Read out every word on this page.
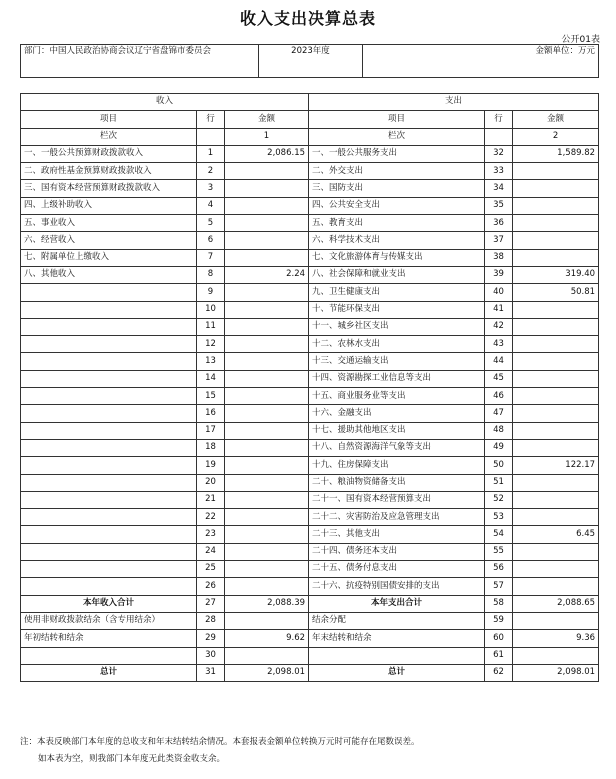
收入支出决算总表
公开01表
部门：中国人民政治协商会议辽宁省盘锦市委员会	2023年度	金额单位：万元
收入			支出		
项目	行	金额	项目	行	金额
栏次		1	栏次		2
一、一般公共预算财政拨款收入	1	2,086.15	一、一般公共服务支出	32	1,589.82
二、政府性基金预算财政拨款收入	2		二、外交支出	33	
三、国有资本经营预算财政拨款收入	3		三、国防支出	34	
四、上级补助收入	4		四、公共安全支出	35	
五、事业收入	5		五、教育支出	36	
六、经营收入	6		六、科学技术支出	37	
七、附属单位上缴收入	7		七、文化旅游体育与传媒支出	38	
八、其他收入	8	2.24	八、社会保障和就业支出	39	319.40
	9		九、卫生健康支出	40	50.81
	10		十、节能环保支出	41	
	11		十一、城乡社区支出	42	
	12		十二、农林水支出	43	
	13		十三、交通运输支出	44	
	14		十四、资源勘探工业信息等支出	45	
	15		十五、商业服务业等支出	46	
	16		十六、金融支出	47	
	17		十七、援助其他地区支出	48	
	18		十八、自然资源海洋气象等支出	49	
	19		十九、住房保障支出	50	122.17
	20		二十、粮油物资储备支出	51	
	21		二十一、国有资本经营预算支出	52	
	22		二十二、灾害防治及应急管理支出	53	
	23		二十三、其他支出	54	6.45
	24		二十四、债务还本支出	55	
	25		二十五、债务付息支出	56	
	26		二十六、抗疫特别国债安排的支出	57	
本年收入合计	27	2,088.39	本年支出合计	58	2,088.65
使用非财政拨款结余（含专用结余）	28		结余分配	59	
年初结转和结余	29	9.62	年末结转和结余	60	9.36
	30			61	
总计	31	2,098.01	总计	62	2,098.01
注：本表反映部门本年度的总收支和年末结转结余情况。本套报表金额单位转换万元时可能存在尾数误差。
如本表为空，则我部门本年度无此类资金收支余。
